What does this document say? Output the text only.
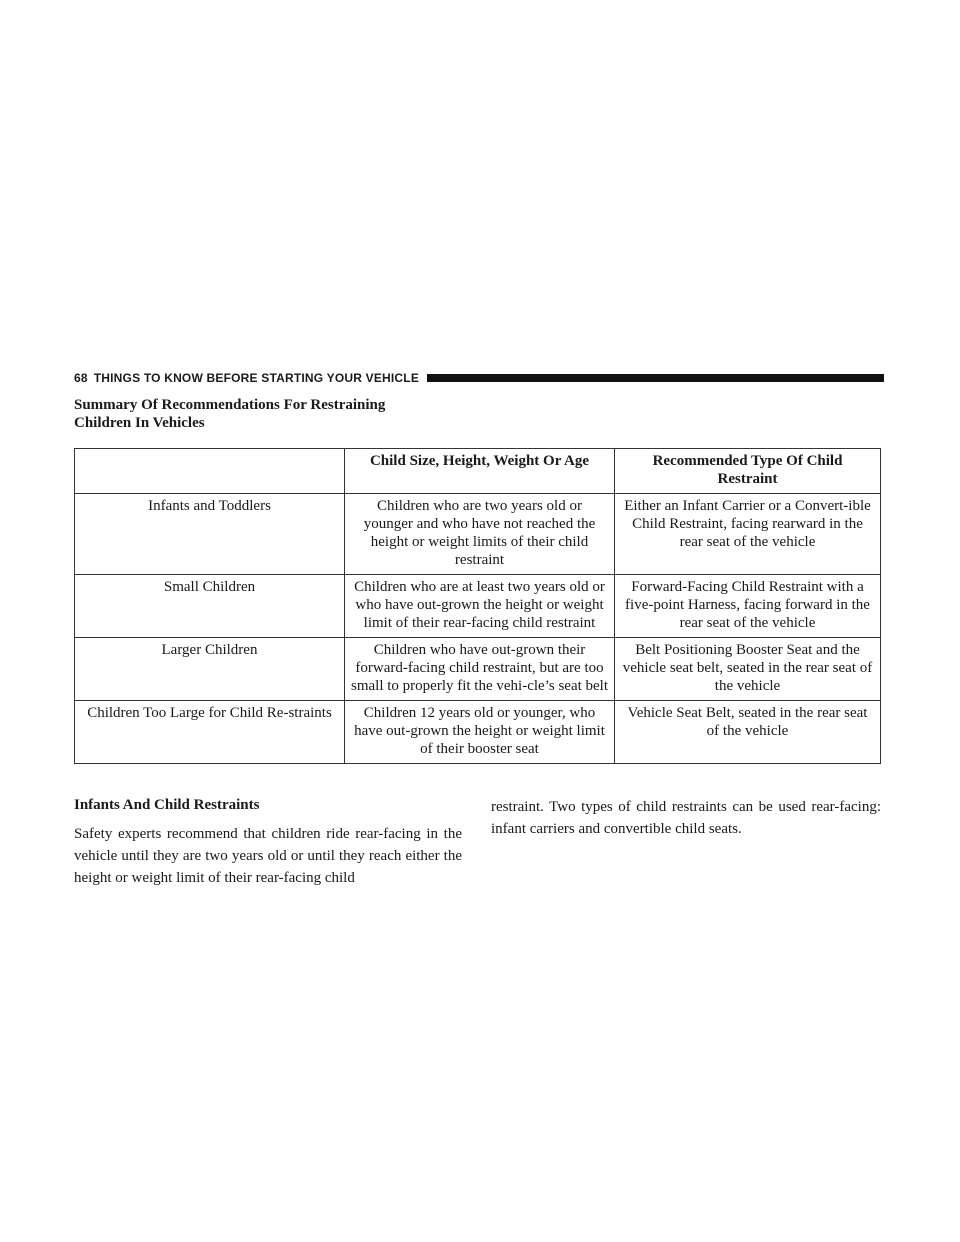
68 THINGS TO KNOW BEFORE STARTING YOUR VEHICLE
Summary Of Recommendations For Restraining
Children In Vehicles
	Child Size, Height, Weight Or Age	Recommended Type Of Child Restraint
Infants and Toddlers	Children who are two years old or younger and who have not reached the height or weight limits of their child restraint	Either an Infant Carrier or a Convert-ible Child Restraint, facing rearward in the rear seat of the vehicle
Small Children	Children who are at least two years old or who have out-grown the height or weight limit of their rear-facing child restraint	Forward-Facing Child Restraint with a five-point Harness, facing forward in the rear seat of the vehicle
Larger Children	Children who have out-grown their forward-facing child restraint, but are too small to properly fit the vehi-cle’s seat belt	Belt Positioning Booster Seat and the vehicle seat belt, seated in the rear seat of the vehicle
Children Too Large for Child Re-straints	Children 12 years old or younger, who have out-grown the height or weight limit of their booster seat	Vehicle Seat Belt, seated in the rear seat of the vehicle
Infants And Child Restraints
Safety experts recommend that children ride rear-facing in the vehicle until they are two years old or until they reach either the height or weight limit of their rear-facing child
restraint. Two types of child restraints can be used rear-facing: infant carriers and convertible child seats.
